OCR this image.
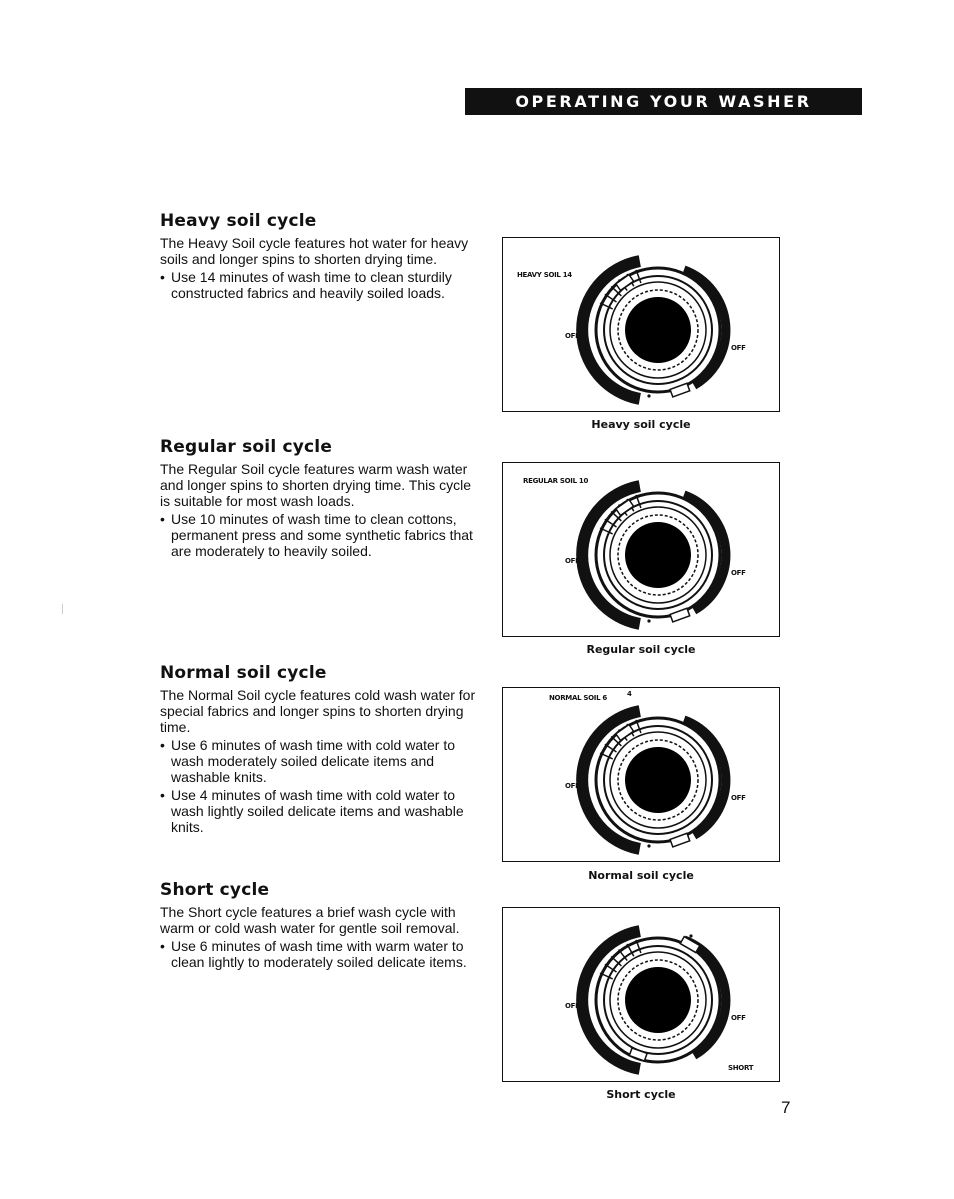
OPERATING YOUR WASHER
Heavy soil cycle

The Heavy Soil cycle features hot water for heavy soils and longer spins to shorten drying time.

• Use 14 minutes of wash time to clean sturdily constructed fabrics and heavily soiled loads.
Regular soil cycle

The Regular Soil cycle features warm wash water and longer spins to shorten drying time. This cycle is suitable for most wash loads.

• Use 10 minutes of wash time to clean cottons, permanent press and some synthetic fabrics that are moderately to heavily soiled.
Normal soil cycle

The Normal Soil cycle features cold wash water for special fabrics and longer spins to shorten drying time.

• Use 6 minutes of wash time with cold water to wash moderately soiled delicate items and washable knits.
• Use 4 minutes of wash time with cold water to wash lightly soiled delicate items and washable knits.
Short cycle

The Short cycle features a brief wash cycle with warm or cold wash water for gentle soil removal.

• Use 6 minutes of wash time with warm water to clean lightly to moderately soiled delicate items.
HEAVY SOIL 14
OFF
OFF
Heavy soil cycle
REGULAR SOIL 10
OFF
OFF
Regular soil cycle
NORMAL SOIL 6	4
OFF
OFF
Normal soil cycle
SHORT
OFF
OFF
Short cycle
7
